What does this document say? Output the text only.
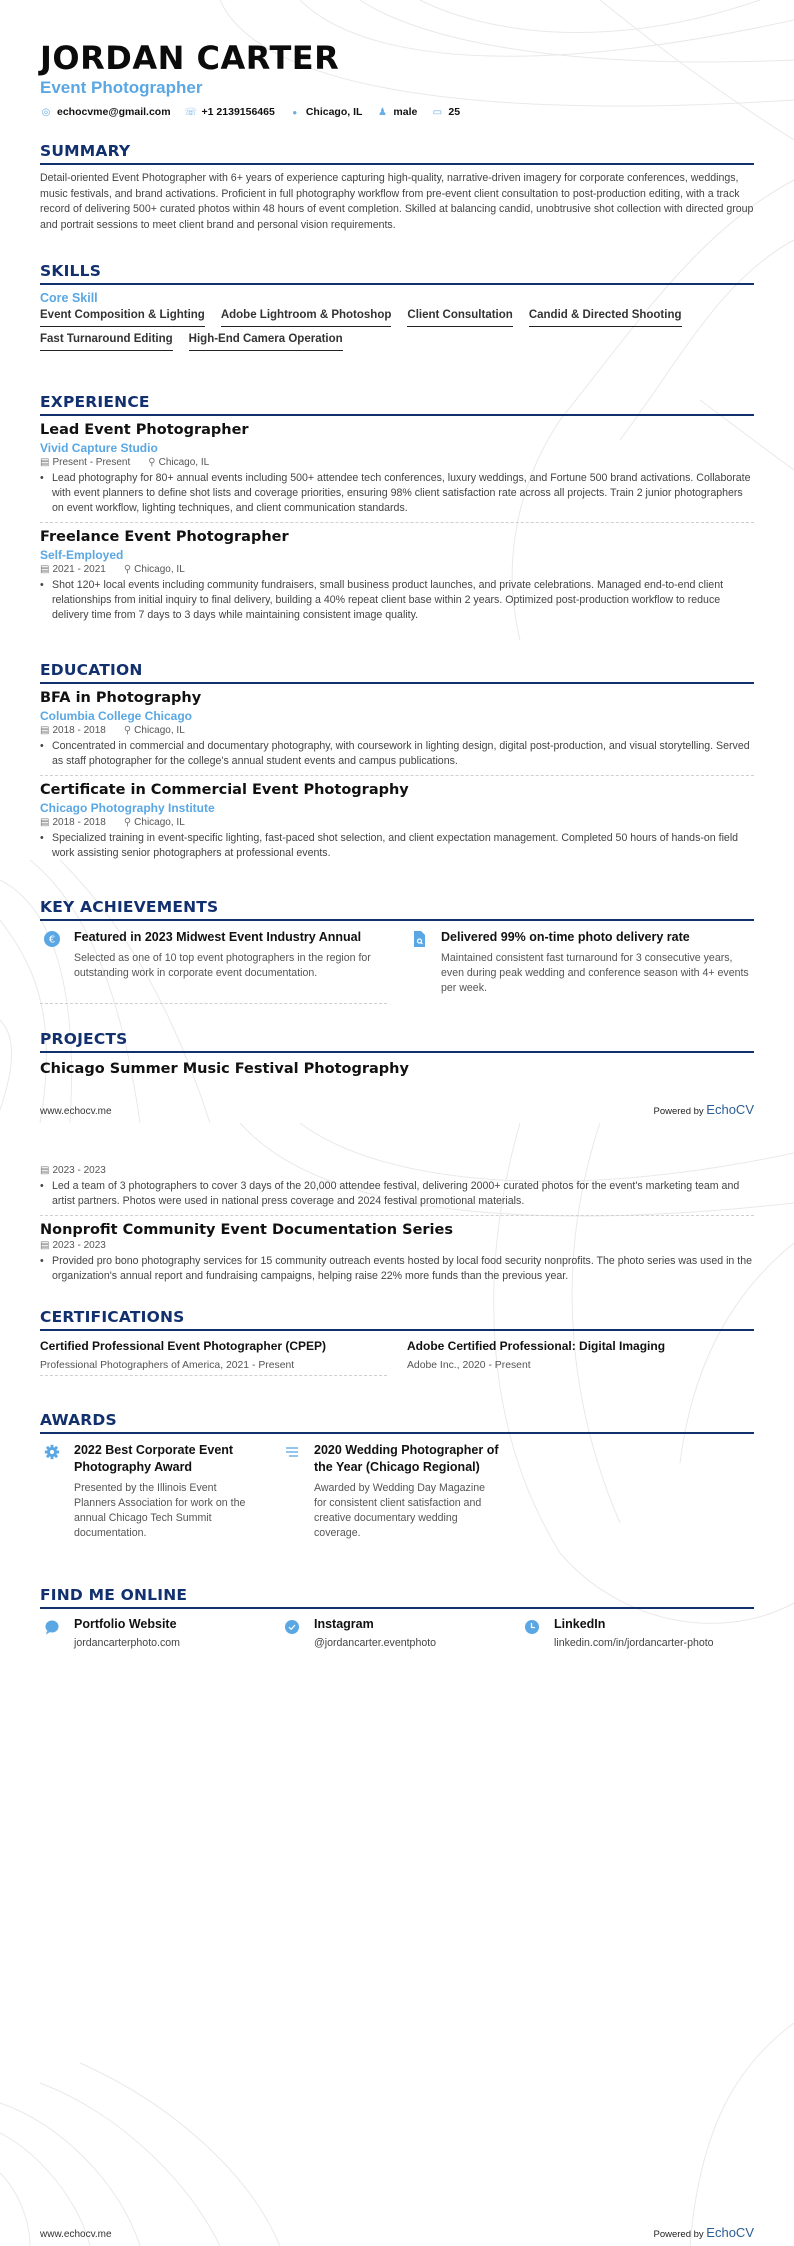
JORDAN CARTER
Event Photographer
◎ echocvme@gmail.com ☏ +1 2139156465	● Chicago, IL ♟ male ▭ 25
SUMMARY
Detail-oriented Event Photographer with 6+ years of experience capturing high-quality, narrative-driven imagery for corporate conferences, weddings, music festivals, and brand activations. Proficient in full photography workflow from pre-event client consultation to post-production editing, with a track record of delivering 500+ curated photos within 48 hours of event completion. Skilled at balancing candid, unobtrusive shot collection with directed group and portrait sessions to meet client brand and personal vision requirements.
SKILLS
Core Skill
Event Composition & Lighting Adobe Lightroom & Photoshop Client Consultation Candid & Directed Shooting
Fast Turnaround Editing High-End Camera Operation
EXPERIENCE
Lead Event Photographer
Vivid Capture Studio
▤ Present - Present ⚲ Chicago, IL
• Lead photography for 80+ annual events including 500+ attendee tech conferences, luxury weddings, and Fortune 500 brand activations. Collaborate with event planners to define shot lists and coverage priorities, ensuring 98% client satisfaction rate across all projects. Train 2 junior photographers on event workflow, lighting techniques, and client communication standards.
Freelance Event Photographer
Self-Employed
▤ 2021 - 2021 ⚲ Chicago, IL
• Shot 120+ local events including community fundraisers, small business product launches, and private celebrations. Managed end-to-end client relationships from initial inquiry to final delivery, building a 40% repeat client base within 2 years. Optimized post-production workflow to reduce delivery time from 7 days to 3 days while maintaining consistent image quality.
EDUCATION
BFA in Photography
Columbia College Chicago
▤ 2018 - 2018 ⚲ Chicago, IL
• Concentrated in commercial and documentary photography, with coursework in lighting design, digital post-production, and visual storytelling. Served as staff photographer for the college's annual student events and campus publications.
Certificate in Commercial Event Photography
Chicago Photography Institute
▤ 2018 - 2018 ⚲ Chicago, IL
• Specialized training in event-specific lighting, fast-paced shot selection, and client expectation management. Completed 50 hours of hands-on field work assisting senior photographers at professional events.
KEY ACHIEVEMENTS
€ Featured in 2023 Midwest Event Industry Annual
Selected as one of 10 top event photographers in the region for outstanding work in corporate event documentation.
Delivered 99% on-time photo delivery rate
Maintained consistent fast turnaround for 3 consecutive years, even during peak wedding and conference season with 4+ events per week.
PROJECTS
Chicago Summer Music Festival Photography
www.echocv.me	Powered by EchoCV
▤ 2023 - 2023
• Led a team of 3 photographers to cover 3 days of the 20,000 attendee festival, delivering 2000+ curated photos for the event's marketing team and artist partners. Photos were used in national press coverage and 2024 festival promotional materials.
Nonprofit Community Event Documentation Series
▤ 2023 - 2023
• Provided pro bono photography services for 15 community outreach events hosted by local food security nonprofits. The photo series was used in the organization's annual report and fundraising campaigns, helping raise 22% more funds than the previous year.
CERTIFICATIONS
Certified Professional Event Photographer (CPEP)
Professional Photographers of America, 2021 - Present
Adobe Certified Professional: Digital Imaging
Adobe Inc., 2020 - Present
AWARDS
2022 Best Corporate Event Photography Award
Presented by the Illinois Event Planners Association for work on the annual Chicago Tech Summit documentation.
2020 Wedding Photographer of the Year (Chicago Regional)
Awarded by Wedding Day Magazine for consistent client satisfaction and creative documentary wedding coverage.
FIND ME ONLINE
Portfolio Website
jordancarterphoto.com
Instagram
@jordancarter.eventphoto
LinkedIn
linkedin.com/in/jordancarter-photo
www.echocv.me	Powered by EchoCV
